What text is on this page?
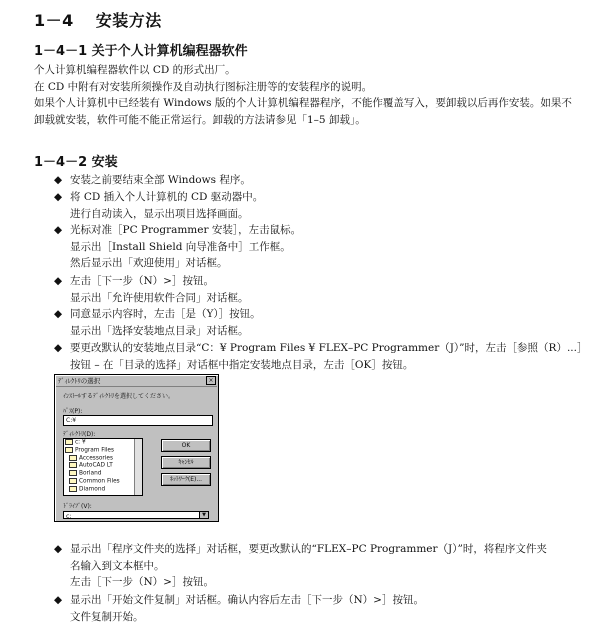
1－4 安装方法
1－4－1 关于个人计算机编程器软件
个人计算机编程器软件以 CD 的形式出厂。
在 CD 中附有对安装所须操作及自动执行图标注册等的安装程序的说明。
如果个人计算机中已经装有 Windows 版的个人计算机编程器程序，不能作覆盖写入，要卸载以后再作安装。如果不
卸载就安装，软件可能不能正常运行。卸载的方法请参见「1–5 卸载」。
1－4－2 安装
◆ 安装之前要结束全部 Windows 程序。
◆ 将 CD 插入个人计算机的 CD 驱动器中。
进行自动读入，显示出项目选择画面。
◆ 光标对准［PC Programmer 安装］，左击鼠标。
显示出［Install Shield 向导准备中］工作框。
然后显示出「欢迎使用」对话框。
◆ 左击［下一步（N）>］按钮。
显示出「允许使用软件合同」对话框。
◆ 同意显示内容时，左击［是（Y）］按钮。
显示出「选择安装地点目录」对话框。
◆ 要更改默认的安装地点目录“C：¥ Program Files ¥ FLEX–PC Programmer（J）”时，左击［参照（R）...］
按钮 – 在「目录的选择」对话框中指定安装地点目录，左击［OK］按钮。
ﾃﾞｨﾚｸﾄﾘの選択	×
ｲﾝｽﾄｰﾙするﾃﾞｨﾚｸﾄﾘを選択してください。
ﾊﾟｽ(P):
C:¥
ﾃﾞｨﾚｸﾄﾘ(D):
c: ¥
Program Files
Accessories
AutoCAD LT
Borland
Common Files
Diamond
OK
ｷｬﾝｾﾙ
ﾈｯﾄﾜｰｸ(E)...
ﾄﾞﾗｲﾌﾞ(V):
c:	▼
◆ 显示出「程序文件夹的选择」对话框，要更改默认的“FLEX–PC Programmer（J）”时，将程序文件夹
名输入到文本框中。
左击［下一步（N）>］按钮。
◆ 显示出「开始文件复制」对话框。确认内容后左击［下一步（N）>］按钮。
文件复制开始。
